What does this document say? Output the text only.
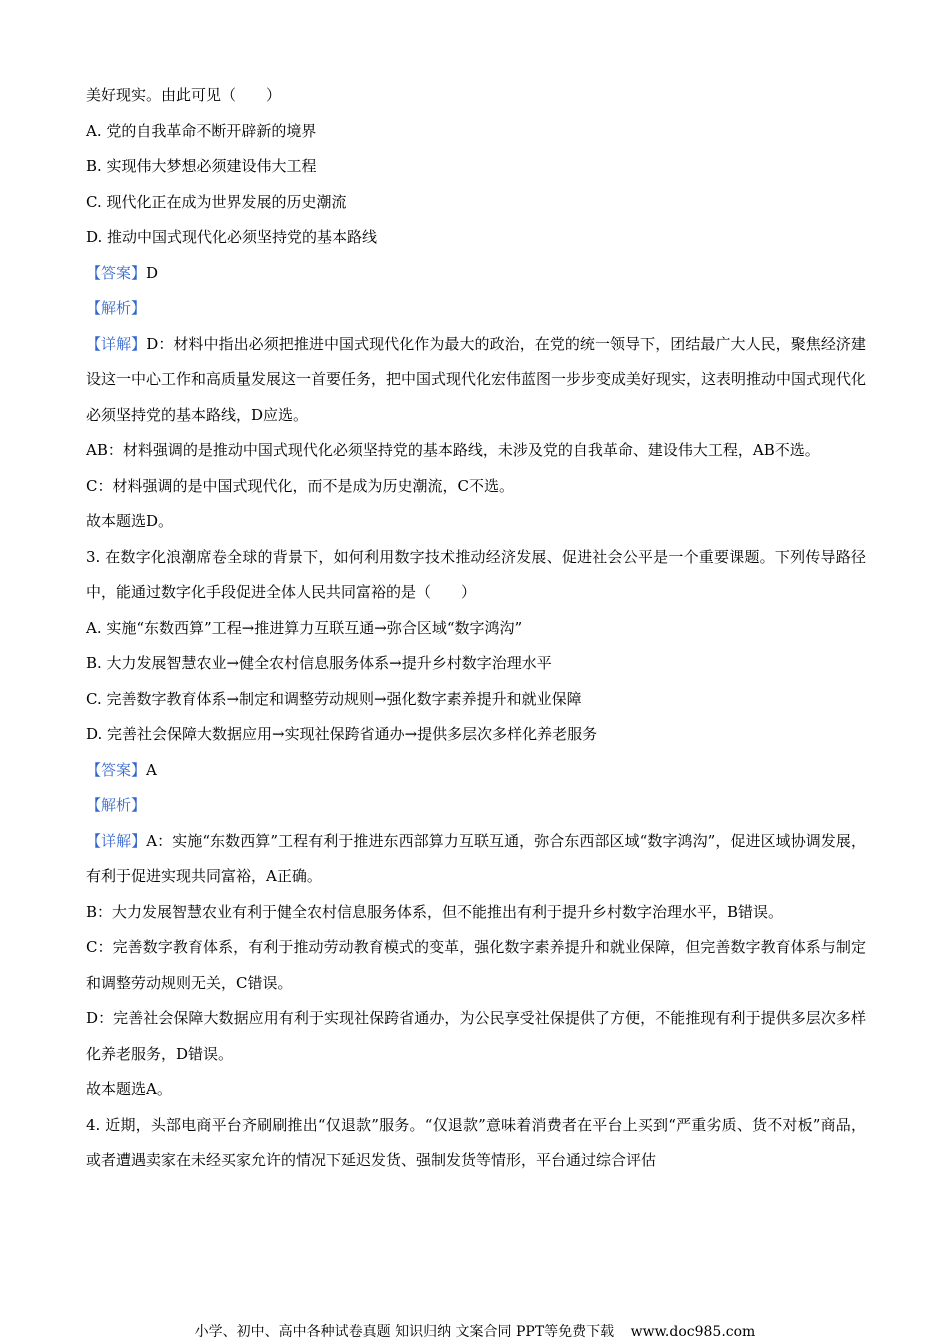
美好现实。由此可见（　　）

A. 党的自我革命不断开辟新的境界

B. 实现伟大梦想必须建设伟大工程

C. 现代化正在成为世界发展的历史潮流

D. 推动中国式现代化必须坚持党的基本路线

【答案】D

【解析】

【详解】D：材料中指出必须把推进中国式现代化作为最大的政治，在党的统一领导下，团结最广大人民，聚焦经济建设这一中心工作和高质量发展这一首要任务，把中国式现代化宏伟蓝图一步步变成美好现实，这表明推动中国式现代化必须坚持党的基本路线，D应选。

AB：材料强调的是推动中国式现代化必须坚持党的基本路线，未涉及党的自我革命、建设伟大工程，AB不选。

C：材料强调的是中国式现代化，而不是成为历史潮流，C不选。

故本题选D。

3. 在数字化浪潮席卷全球的背景下，如何利用数字技术推动经济发展、促进社会公平是一个重要课题。下列传导路径中，能通过数字化手段促进全体人民共同富裕的是（　　）

A. 实施“东数西算”工程→推进算力互联互通→弥合区域“数字鸿沟”

B. 大力发展智慧农业→健全农村信息服务体系→提升乡村数字治理水平

C. 完善数字教育体系→制定和调整劳动规则→强化数字素养提升和就业保障

D. 完善社会保障大数据应用→实现社保跨省通办→提供多层次多样化养老服务

【答案】A

【解析】

【详解】A：实施“东数西算”工程有利于推进东西部算力互联互通，弥合东西部区域“数字鸿沟”，促进区域协调发展，有利于促进实现共同富裕，A正确。

B：大力发展智慧农业有利于健全农村信息服务体系，但不能推出有利于提升乡村数字治理水平，B错误。

C：完善数字教育体系，有利于推动劳动教育模式的变革，强化数字素养提升和就业保障，但完善数字教育体系与制定和调整劳动规则无关，C错误。

D：完善社会保障大数据应用有利于实现社保跨省通办，为公民享受社保提供了方便，不能推现有利于提供多层次多样化养老服务，D错误。

故本题选A。

4. 近期，头部电商平台齐刷刷推出“仅退款”服务。“仅退款”意味着消费者在平台上买到“严重劣质、货不对板”商品，或者遭遇卖家在未经买家允许的情况下延迟发货、强制发货等情形，平台通过综合评估

小学、初中、高中各种试卷真题 知识归纳 文案合同 PPT等免费下载 www.doc985.com
